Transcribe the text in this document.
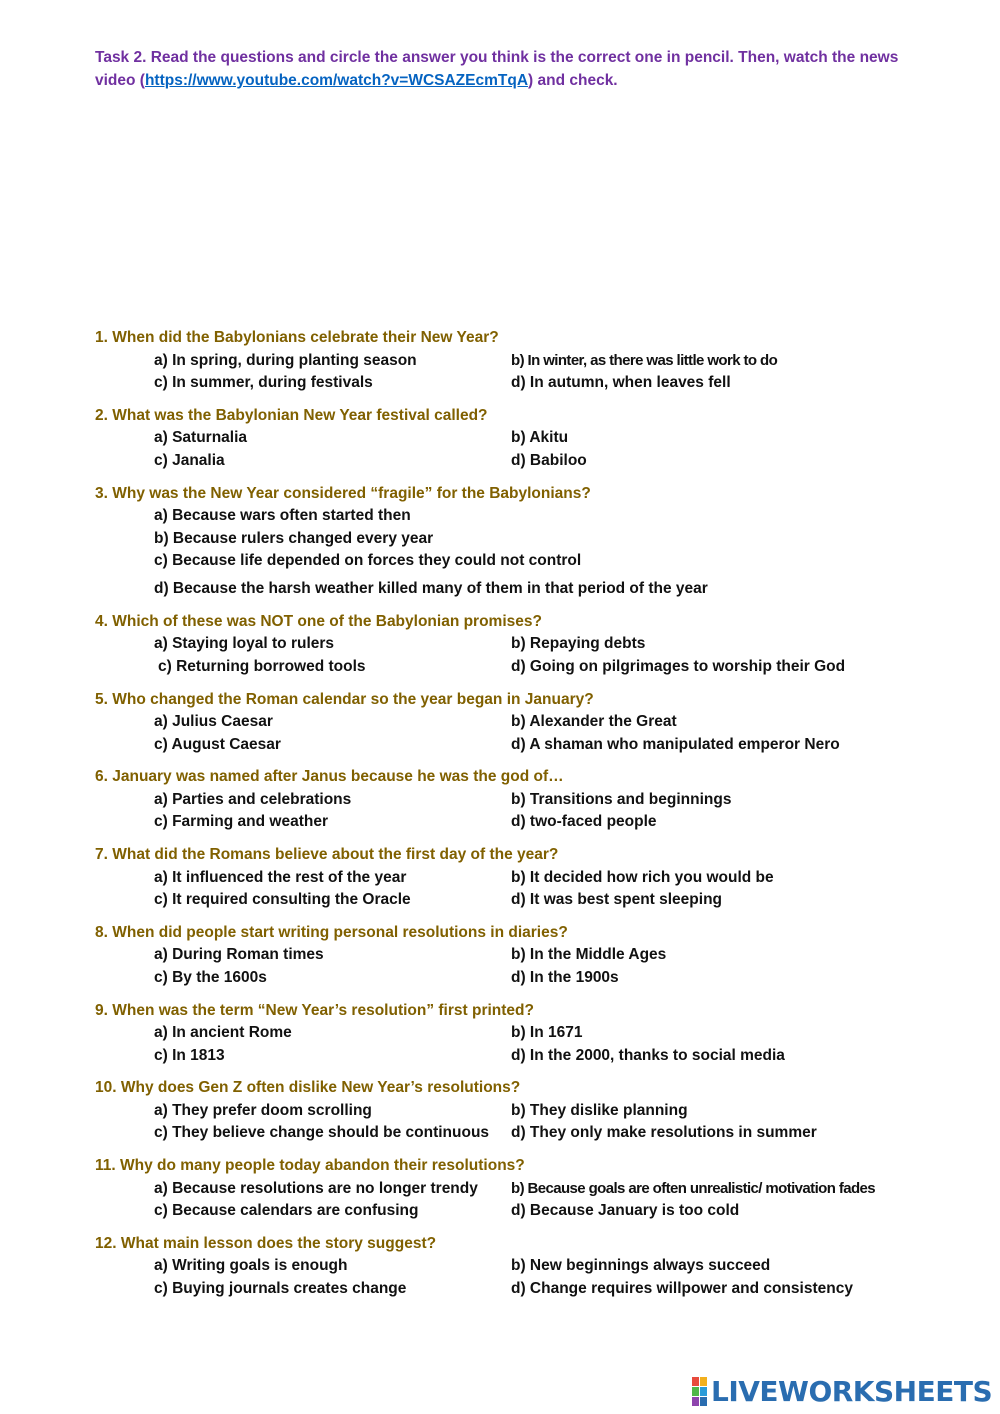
Task 2. Read the questions and circle the answer you think is the correct one in pencil. Then, watch the news video (https://www.youtube.com/watch?v=WCSAZEcmTqA) and check.
1. When did the Babylonians celebrate their New Year?
a) In spring, during planting season	b) In winter, as there was little work to do
c) In summer, during festivals	d) In autumn, when leaves fell
2. What was the Babylonian New Year festival called?
a) Saturnalia	b) Akitu
c) Janalia	d) Babiloo
3. Why was the New Year considered “fragile” for the Babylonians?
a) Because wars often started then
b) Because rulers changed every year
c) Because life depended on forces they could not control
d) Because the harsh weather killed many of them in that period of the year
4. Which of these was NOT one of the Babylonian promises?
a) Staying loyal to rulers	b) Repaying debts
c) Returning borrowed tools	d) Going on pilgrimages to worship their God
5. Who changed the Roman calendar so the year began in January?
a) Julius Caesar	b) Alexander the Great
c) August Caesar	d) A shaman who manipulated emperor Nero
6. January was named after Janus because he was the god of…
a) Parties and celebrations	b) Transitions and beginnings
c) Farming and weather	d) two-faced people
7. What did the Romans believe about the first day of the year?
a) It influenced the rest of the year	b) It decided how rich you would be
c) It required consulting the Oracle	d) It was best spent sleeping
8. When did people start writing personal resolutions in diaries?
a) During Roman times	b) In the Middle Ages
c) By the 1600s	d) In the 1900s
9. When was the term “New Year’s resolution” first printed?
a) In ancient Rome	b) In 1671
c) In 1813	d) In the 2000, thanks to social media
10. Why does Gen Z often dislike New Year’s resolutions?
a) They prefer doom scrolling	b) They dislike planning
c) They believe change should be continuous d) They only make resolutions in summer
11. Why do many people today abandon their resolutions?
a) Because resolutions are no longer trendy b) Because goals are often unrealistic/ motivation fades
c) Because calendars are confusing	d) Because January is too cold
12. What main lesson does the story suggest?
a) Writing goals is enough	b) New beginnings always succeed
c) Buying journals creates change	d) Change requires willpower and consistency
LIVEWORKSHEETS
